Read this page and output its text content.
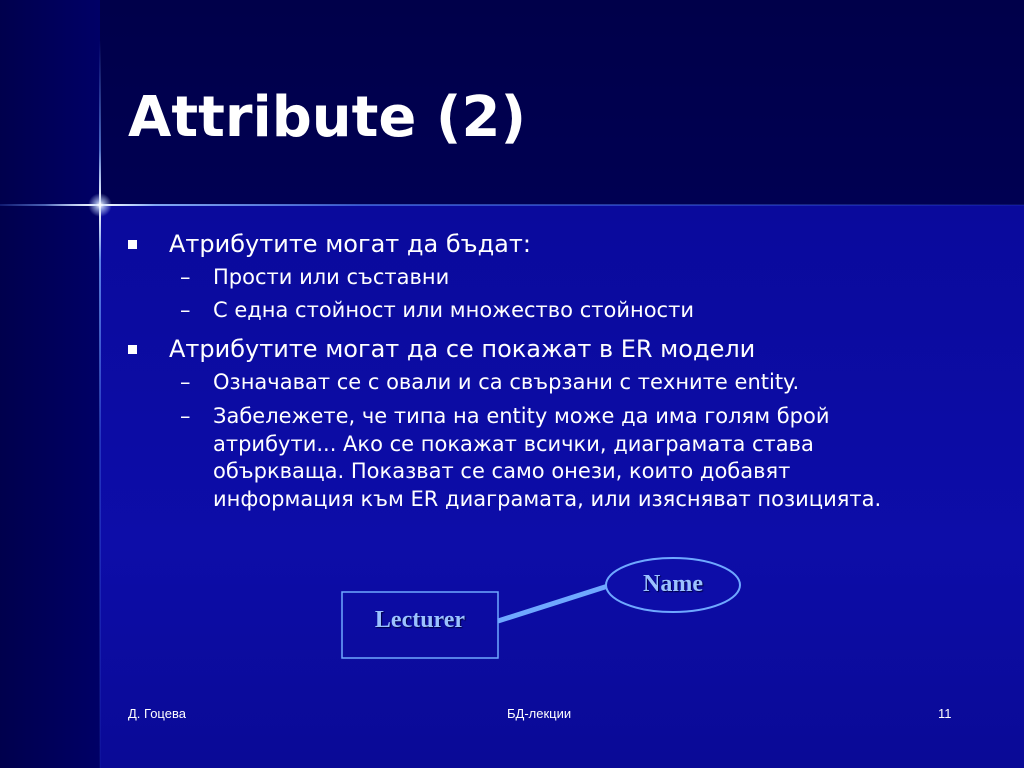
Attribute (2)
Атрибутите могат да бъдат:
– Прости или съставни
– С една стойност или множество стойности
Атрибутите могат да се покажат в ER модели
– Означават се с овали и са свързани с техните entity.
– Забележете, че типа на entity може да има голям брой
атрибути... Ако се покажат всички, диаграмата става
объркваща. Показват се само онези, които добавят
информация към ER диаграмата, или изясняват позицията.
Lecturer
Name
Д. Гоцева	БД-лекции	11
